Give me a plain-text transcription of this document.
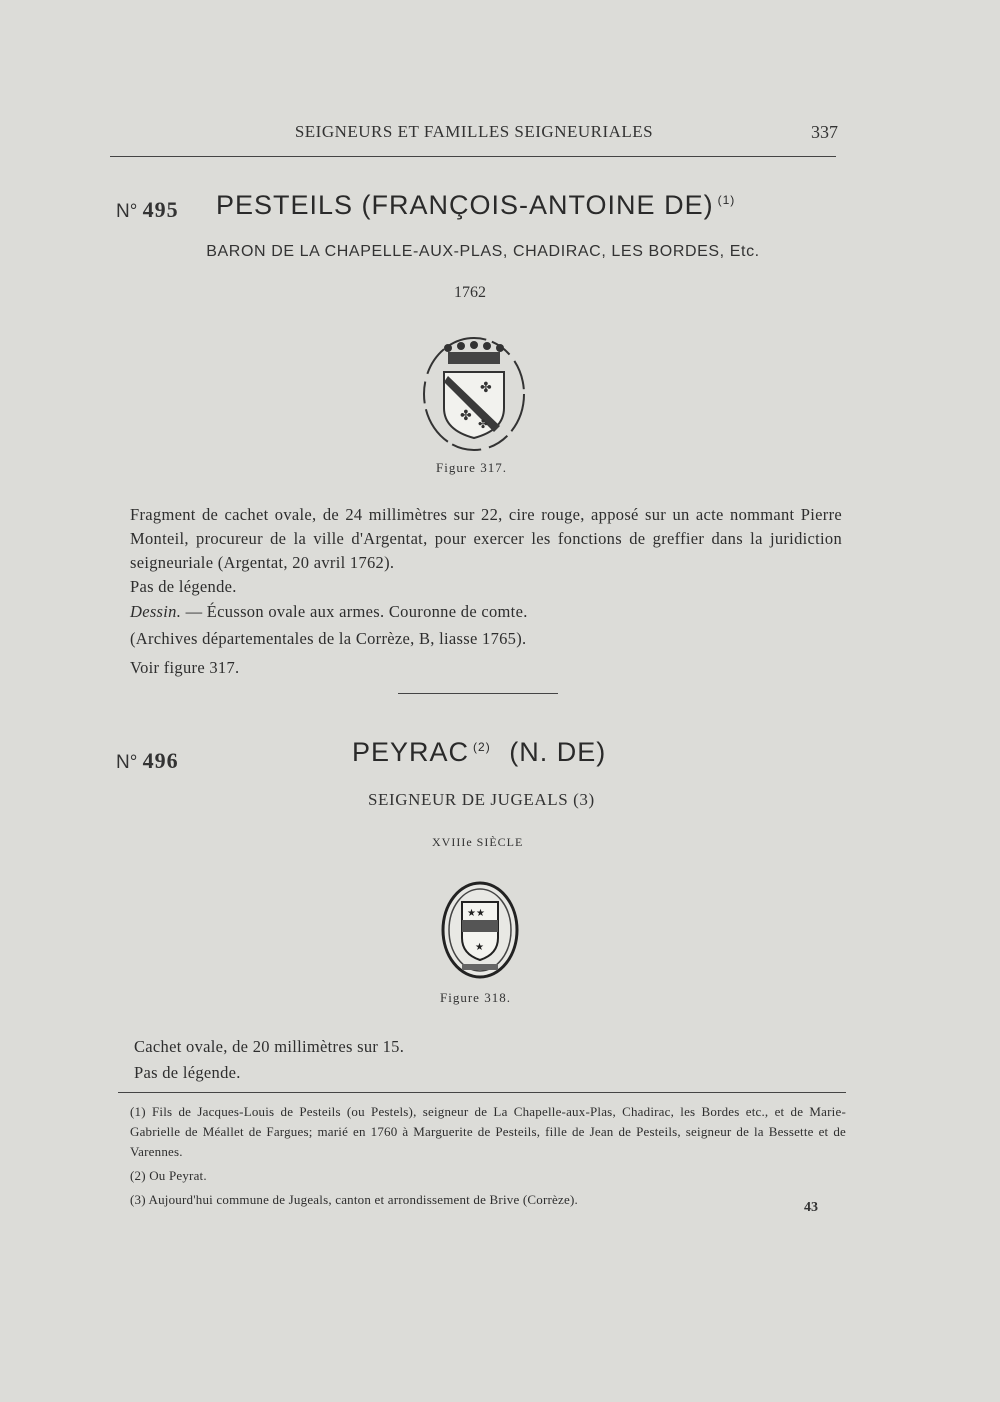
SEIGNEURS ET FAMILLES SEIGNEURIALES	337
N° 495 PESTEILS (FRANÇOIS-ANTOINE DE) $^{(1)}$
BARON DE LA CHAPELLE-AUX-PLAS, CHADIRAC, LES BORDES, Etc.
1762
✤
✤ ✤
Figure 317.

Fragment de cachet ovale, de 24 millimètres sur 22, cire rouge, apposé sur un acte nommant Pierre Monteil, procureur de la ville d'Argentat, pour exercer les fonctions de greffier dans la juridiction seigneuriale (Argentat, 20 avril 1762).

Pas de légende.
Dessin. — Écusson ovale aux armes. Couronne de comte.
(Archives départementales de la Corrèze, B, liasse 1765).
Voir figure 317.
N° 496	PEYRAC $^{(2)}$ (N. DE)
SEIGNEUR DE JUGEALS (3)
XVIIIe SIÈCLE
★★
★
Figure 318.
Cachet ovale, de 20 millimètres sur 15.
Pas de légende.

(1) Fils de Jacques-Louis de Pesteils (ou Pestels), seigneur de La Chapelle-aux-Plas, Chadirac, les Bordes etc., et de Marie-Gabrielle de Méallet de Fargues; marié en 1760 à Marguerite de Pesteils, fille de Jean de Pesteils, seigneur de la Bessette et de Varennes.

(2) Ou Peyrat.

(3) Aujourd'hui commune de Jugeals, canton et arrondissement de Brive (Corrèze).

43
